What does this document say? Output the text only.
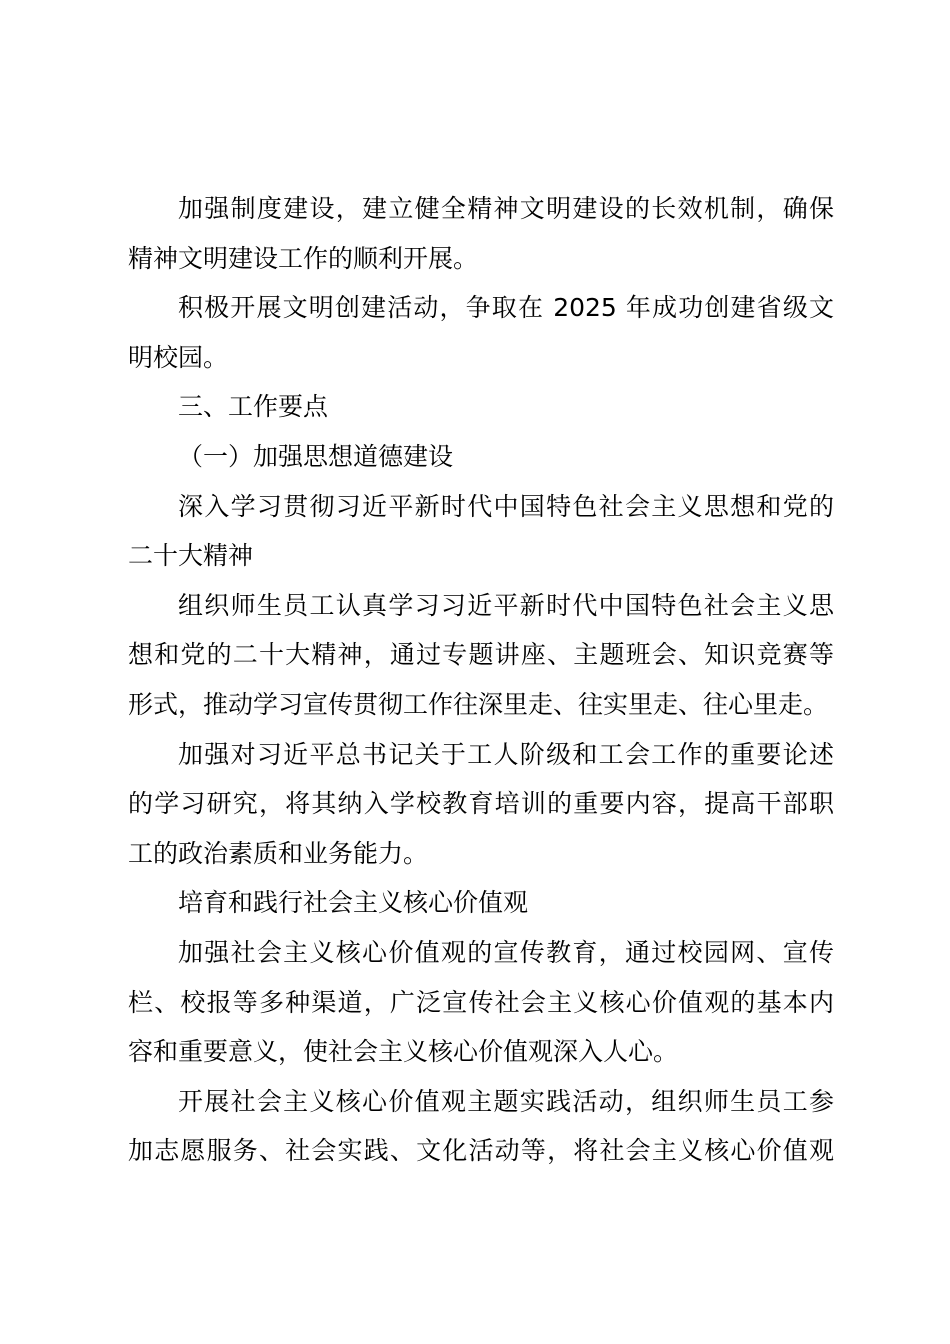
加强制度建设，建立健全精神文明建设的长效机制，确保
精神文明建设工作的顺利开展。

积极开展文明创建活动，争取在 2025 年成功创建省级文
明校园。

三、工作要点

（一）加强思想道德建设

深入学习贯彻习近平新时代中国特色社会主义思想和党的
二十大精神

组织师生员工认真学习习近平新时代中国特色社会主义思
想和党的二十大精神，通过专题讲座、主题班会、知识竞赛等
形式，推动学习宣传贯彻工作往深里走、往实里走、往心里走。

加强对习近平总书记关于工人阶级和工会工作的重要论述
的学习研究，将其纳入学校教育培训的重要内容，提高干部职
工的政治素质和业务能力。

培育和践行社会主义核心价值观

加强社会主义核心价值观的宣传教育，通过校园网、宣传
栏、校报等多种渠道，广泛宣传社会主义核心价值观的基本内
容和重要意义，使社会主义核心价值观深入人心。

开展社会主义核心价值观主题实践活动，组织师生员工参
加志愿服务、社会实践、文化活动等，将社会主义核心价值观
